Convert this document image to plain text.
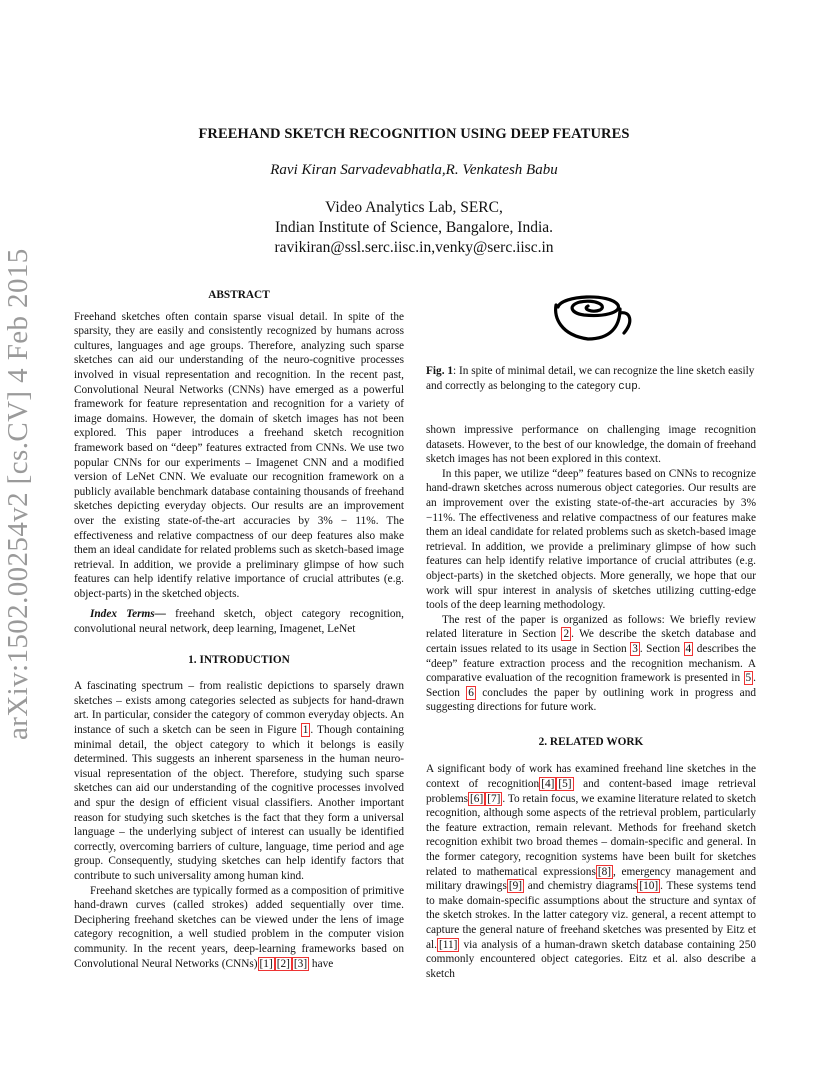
arXiv:1502.00254v2 [cs.CV] 4 Feb 2015
FREEHAND SKETCH RECOGNITION USING DEEP FEATURES
Ravi Kiran Sarvadevabhatla,R. Venkatesh Babu
Video Analytics Lab, SERC,
Indian Institute of Science, Bangalore, India.
ravikiran@ssl.serc.iisc.in,venky@serc.iisc.in
ABSTRACT

Freehand sketches often contain sparse visual detail. In spite of the sparsity, they are easily and consistently recognized by humans across cultures, languages and age groups. Therefore, analyzing such sparse sketches can aid our understanding of the neuro-cognitive processes involved in visual representation and recognition. In the recent past, Convolutional Neural Networks (CNNs) have emerged as a powerful framework for feature representation and recognition for a variety of image domains. However, the domain of sketch images has not been explored. This paper introduces a freehand sketch recognition framework based on “deep” features extracted from CNNs. We use two popular CNNs for our experiments – Imagenet CNN and a modified version of LeNet CNN. We evaluate our recognition framework on a publicly available benchmark database containing thousands of freehand sketches depicting everyday objects. Our results are an improvement over the existing state-of-the-art accuracies by 3% − 11%. The effectiveness and relative compactness of our deep features also make them an ideal candidate for related problems such as sketch-based image retrieval. In addition, we provide a preliminary glimpse of how such features can help identify relative importance of crucial attributes (e.g. object-parts) in the sketched objects.

Index Terms— freehand sketch, object category recognition, convolutional neural network, deep learning, Imagenet, LeNet

1. INTRODUCTION

A fascinating spectrum – from realistic depictions to sparsely drawn sketches – exists among categories selected as subjects for hand-drawn art. In particular, consider the category of common everyday objects. An instance of such a sketch can be seen in Figure 1 . Though containing minimal detail, the object category to which it belongs is easily determined. This suggests an inherent sparseness in the human neuro-visual representation of the object. Therefore, studying such sparse sketches can aid our understanding of the cognitive processes involved and spur the design of efficient visual classifiers. Another important reason for studying such sketches is the fact that they form a universal language – the underlying subject of interest can usually be identified correctly, overcoming barriers of culture, language, time period and age group. Consequently, studying sketches can help identify factors that contribute to such universality among human kind.

Freehand sketches are typically formed as a composition of primitive hand-drawn curves (called strokes) added sequentially over time. Deciphering freehand sketches can be viewed under the lens of image category recognition, a well studied problem in the computer vision community. In the recent years, deep-learning frameworks based on Convolutional Neural Networks (CNNs) [1] [2] [3] have

Fig. 1: In spite of minimal detail, we can recognize the line sketch easily and correctly as belonging to the category cup.

shown impressive performance on challenging image recognition datasets. However, to the best of our knowledge, the domain of freehand sketch images has not been explored in this context.

In this paper, we utilize “deep” features based on CNNs to recognize hand-drawn sketches across numerous object categories. Our results are an improvement over the existing state-of-the-art accuracies by 3%−11%. The effectiveness and relative compactness of our features make them an ideal candidate for related problems such as sketch-based image retrieval. In addition, we provide a preliminary glimpse of how such features can help identify relative importance of crucial attributes (e.g. object-parts) in the sketched objects. More generally, we hope that our work will spur interest in analysis of sketches utilizing cutting-edge tools of the deep learning methodology.

The rest of the paper is organized as follows: We briefly review related literature in Section 2 . We describe the sketch database and certain issues related to its usage in Section 3 . Section 4 describes the “deep” feature extraction process and the recognition mechanism. A comparative evaluation of the recognition framework is presented in 5 . Section 6 concludes the paper by outlining work in progress and suggesting directions for future work.

2. RELATED WORK

A significant body of work has examined freehand line sketches in the context of recognition [4] [5] and content-based image retrieval problems [6] [7] . To retain focus, we examine literature related to sketch recognition, although some aspects of the retrieval problem, particularly the feature extraction, remain relevant. Methods for freehand sketch recognition exhibit two broad themes – domain-specific and general. In the former category, recognition systems have been built for sketches related to mathematical expressions [8] , emergency management and military drawings [9] and chemistry diagrams [10] . These systems tend to make domain-specific assumptions about the structure and syntax of the sketch strokes. In the latter category viz. general, a recent attempt to capture the general nature of freehand sketches was presented by Eitz et al. [11] via analysis of a human-drawn sketch database containing 250 commonly encountered object categories. Eitz et al. also describe a sketch
